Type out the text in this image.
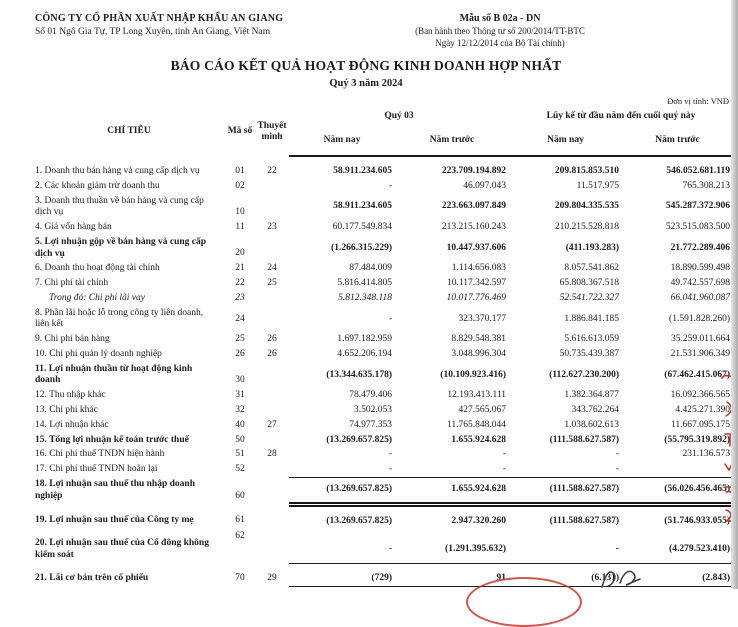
CÔNG TY CỔ PHẦN XUẤT NHẬP KHẨU AN GIANG
Số 01 Ngô Gia Tự, TP Long Xuyên, tỉnh An Giang, Việt Nam
Mẫu số B 02a - DN
(Ban hành theo Thông tư số 200/2014/TT-BTC
Ngày 12/12/2014 của Bộ Tài chính)
BÁO CÁO KẾT QUẢ HOẠT ĐỘNG KINH DOANH HỢP NHẤT
Quý 3 năm 2024
Đơn vị tính: VNĐ
CHỈ TIÊU	Mã số	Thuyết minh	Quý 03		Lũy kế từ đầu năm đến cuối quý này	
			Năm nay	Năm trước	Năm nay	Năm trước
1. Doanh thu bán hàng và cung cấp dịch vụ	01	22	58.911.234.605	223.709.194.892	209.815.853.510	546.052.681.119
2. Các khoản giảm trừ doanh thu	02		-	46.097.043	11.517.975	765.308.213
3. Doanh thu thuần về bán hàng và cung cấp dịch vụ	10		58.911.234.605	223.663.097.849	209.804.335.535	545.287.372.906
4. Giá vốn hàng bán	11	23	60.177.549.834	213.215.160.243	210.215.528.818	523.515.083.500
5. Lợi nhuận gộp về bán hàng và cung cấp dịch vụ	20		(1.266.315.229)	10.447.937.606	(411.193.283)	21.772.289.406
6. Doanh thu hoạt động tài chính	21	24	87.484.009	1.114.656.083	8.057.541.862	18.890.599.498
7. Chi phí tài chính	22	25	5.816.414.805	10.117.342.597	65.808.367.518	49.742.557.698
Trong đó: Chi phí lãi vay	23		5.812.348.118	10.017.776.469	52.541.722.327	66.041.960.087
8. Phần lãi hoặc lỗ trong công ty liên doanh, liên kết	24		-	323.370.177	1.886.841.185	(1.591.828.260)
9. Chi phí bán hàng	25	26	1.697.182.959	8.829.548.381	5.616.613.059	35.259.011.664
10. Chi phí quản lý doanh nghiệp	26	26	4.652.206.194	3.048.996.304	50.735.439.387	21.531.906.349
11. Lợi nhuận thuần từ hoạt động kinh doanh	30		(13.344.635.178)	(10.109.923.416)	(112.627.230.200)	(67.462.415.067)
12. Thu nhập khác	31		78.479.406	12.193.413.111	1.382.364.877	16.092.366.565
13. Chi phí khác	32		3.502.053	427.565.067	343.762.264	4.425.271.390
14. Lợi nhuận khác	40	27	74.977.353	11.765.848.044	1.038.602.613	11.667.095.175
15. Tổng lợi nhuận kế toán trước thuế	50		(13.269.657.825)	1.655.924.628	(111.588.627.587)	(55.795.319.892)
16. Chi phí thuế TNDN hiện hành	51	28	-	-	-	231.136.573
17. Chi phí thuế TNDN hoãn lại	52		-	-	-	-
18. Lợi nhuận sau thuế thu nhập doanh nghiệp	60		(13.269.657.825)	1.655.924.628	(111.588.627.587)	(56.026.456.465)
19. Lợi nhuận sau thuế của Công ty mẹ	61		(13.269.657.825)	2.947.320.260	(111.588.627.587)	(51.746.933.055)
20. Lợi nhuận sau thuế của Cổ đông không kiểm soát	62		-	(1.291.395.632)	-	(4.279.523.410)
21. Lãi cơ bản trên cổ phiếu	70	29	(729)	91	(6.131)	(2.843)
